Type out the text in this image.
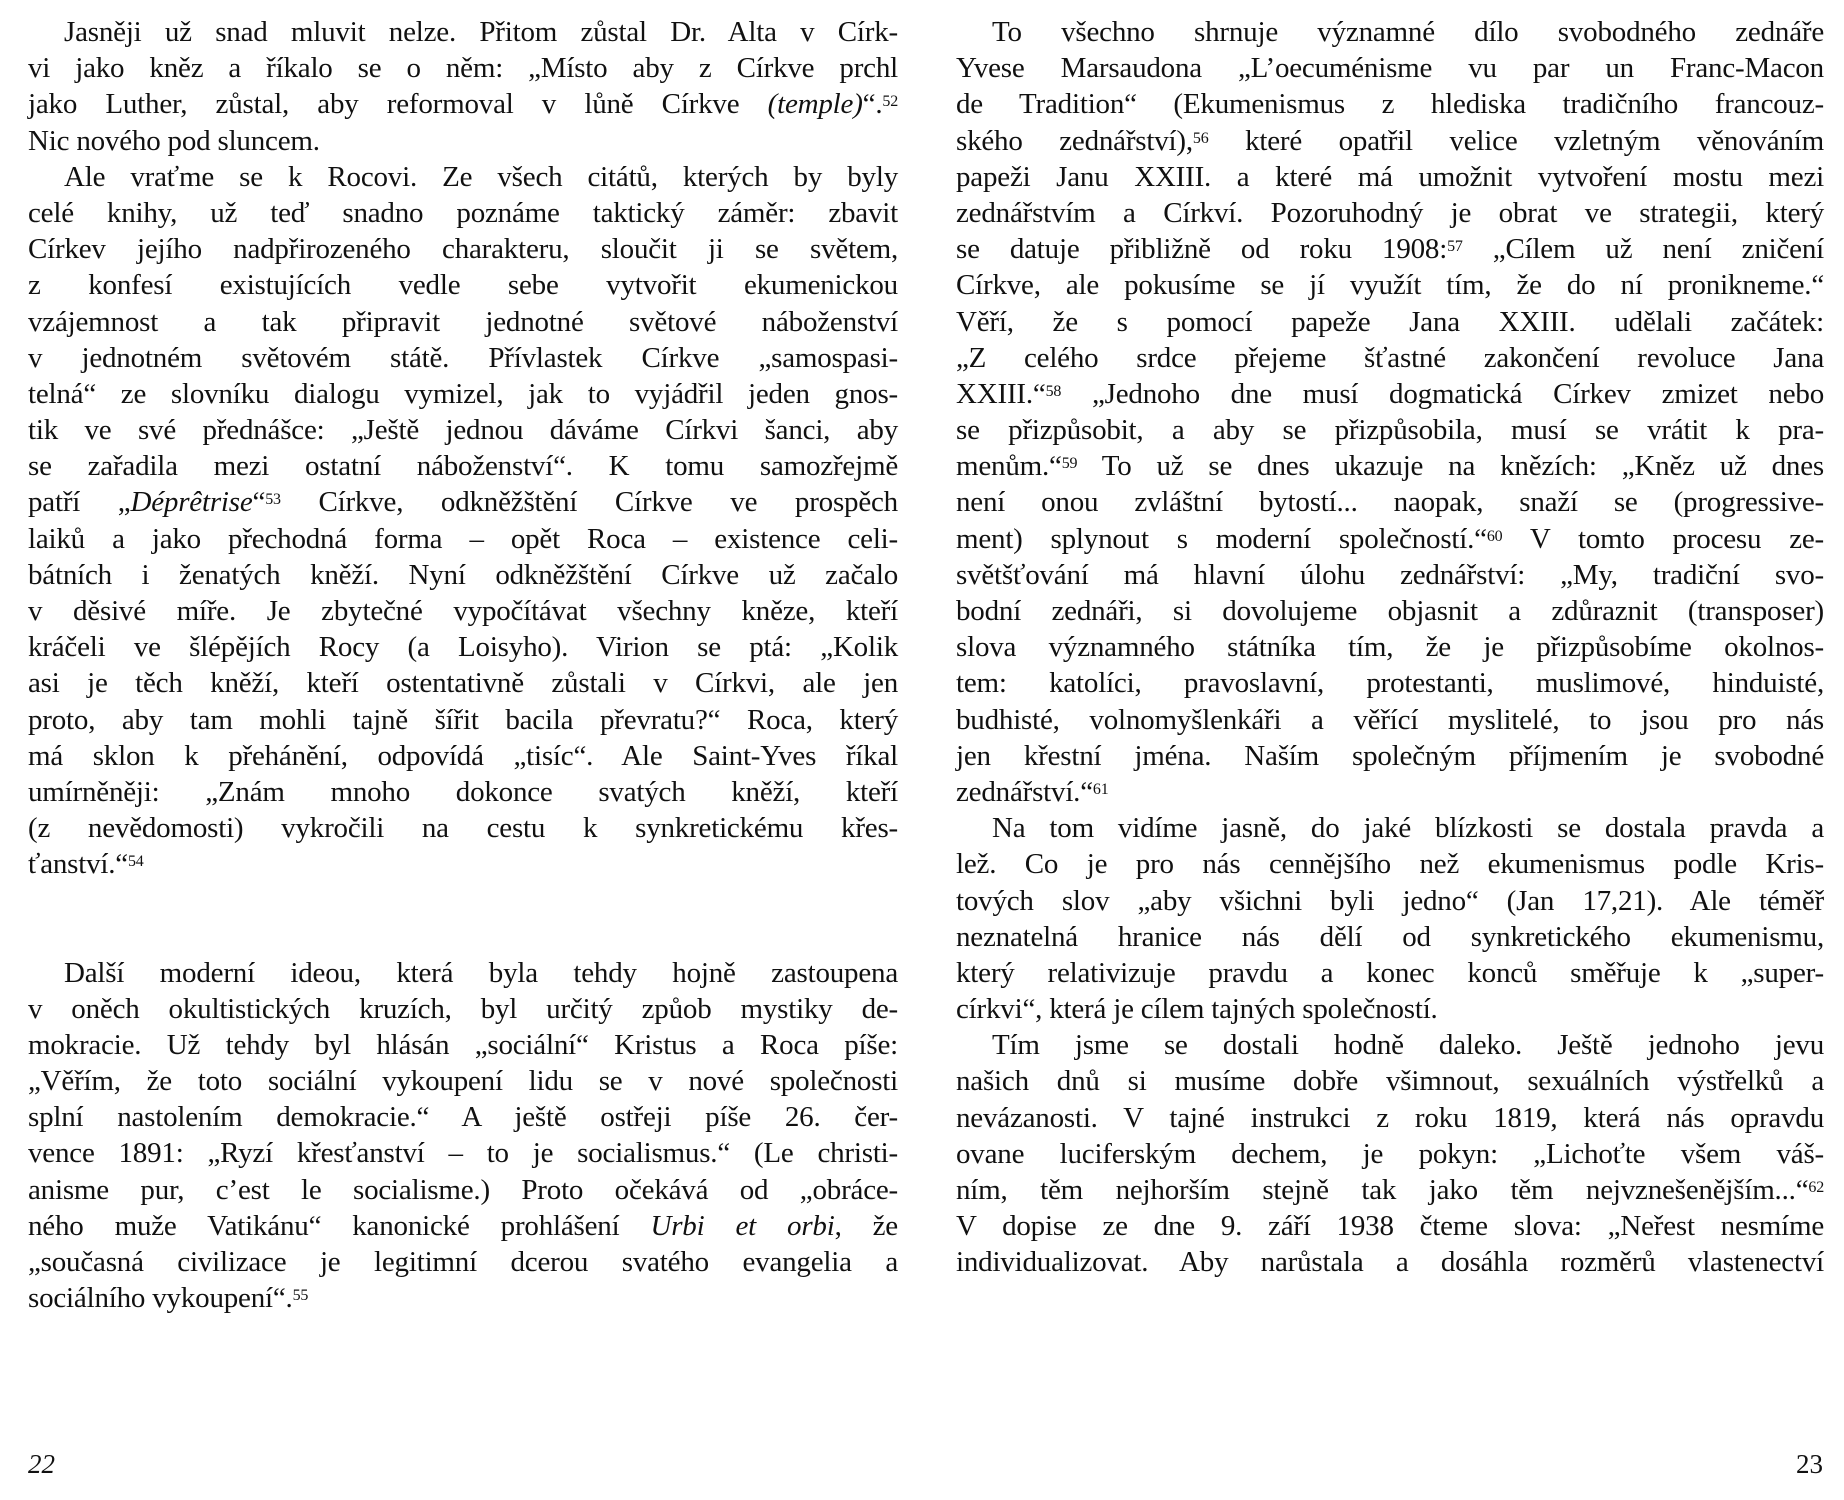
Jasněji už snad mluvit nelze. Přitom zůstal Dr. Alta v Círk-
vi jako kněz a říkalo se o něm: „Místo aby z Církve prchl
jako Luther, zůstal, aby reformoval v lůně Církve (temple)“.$^{52}$
Nic nového pod sluncem.
Ale vraťme se k Rocovi. Ze všech citátů, kterých by byly
celé knihy, už teď snadno poznáme taktický záměr: zbavit
Církev jejího nadpřirozeného charakteru, sloučit ji se světem,
z konfesí existujících vedle sebe vytvořit ekumenickou
vzájemnost a tak připravit jednotné světové náboženství
v jednotném světovém státě. Přívlastek Církve „samospasi-
telná“ ze slovníku dialogu vymizel, jak to vyjádřil jeden gnos-
tik ve své přednášce: „Ještě jednou dáváme Církvi šanci, aby
se zařadila mezi ostatní náboženství“. K tomu samozřejmě
patří „Déprêtrise“$^{53}$ Církve, odkněžštění Církve ve prospěch
laiků a jako přechodná forma – opět Roca – existence celi-
bátních i ženatých kněží. Nyní odkněžštění Církve už začalo
v děsivé míře. Je zbytečné vypočítávat všechny kněze, kteří
kráčeli ve šlépějích Rocy (a Loisyho). Virion se ptá: „Kolik
asi je těch kněží, kteří ostentativně zůstali v Církvi, ale jen
proto, aby tam mohli tajně šířit bacila převratu?“ Roca, který
má sklon k přehánění, odpovídá „tisíc“. Ale Saint-Yves říkal
umírněněji: „Znám mnoho dokonce svatých kněží, kteří
(z nevědomosti) vykročili na cestu k synkretickému křes-
ťanství.“$^{54}$
Další moderní ideou, která byla tehdy hojně zastoupena
v oněch okultistických kruzích, byl určitý způob mystiky de-
mokracie. Už tehdy byl hlásán „sociální“ Kristus a Roca píše:
„Věřím, že toto sociální vykoupení lidu se v nové společnosti
splní nastolením demokracie.“ A ještě ostřeji píše 26. čer-
vence 1891: „Ryzí křesťanství – to je socialismus.“ (Le christi-
anisme pur, c’est le socialisme.) Proto očekává od „obráce-
ného muže Vatikánu“ kanonické prohlášení Urbi et orbi, že
„současná civilizace je legitimní dcerou svatého evangelia a
sociálního vykoupení“.$^{55}$
To všechno shrnuje významné dílo svobodného zednáře
Yvese Marsaudona „L’oecuménisme vu par un Franc-Macon
de Tradition“ (Ekumenismus z hlediska tradičního francouz-
ského zednářství),$^{56}$ které opatřil velice vzletným věnováním
papeži Janu XXIII. a které má umožnit vytvoření mostu mezi
zednářstvím a Církví. Pozoruhodný je obrat ve strategii, který
se datuje přibližně od roku 1908:$^{57}$ „Cílem už není zničení
Církve, ale pokusíme se jí využít tím, že do ní pronikneme.“
Věří, že s pomocí papeže Jana XXIII. udělali začátek:
„Z celého srdce přejeme šťastné zakončení revoluce Jana
XXIII.“$^{58}$ „Jednoho dne musí dogmatická Církev zmizet nebo
se přizpůsobit, a aby se přizpůsobila, musí se vrátit k pra-
menům.“$^{59}$ To už se dnes ukazuje na knězích: „Kněz už dnes
není onou zvláštní bytostí... naopak, snaží se (progressive-
ment) splynout s moderní společností.“$^{60}$ V tomto procesu ze-
světšťování má hlavní úlohu zednářství: „My, tradiční svo-
bodní zednáři, si dovolujeme objasnit a zdůraznit (transposer)
slova významného státníka tím, že je přizpůsobíme okolnos-
tem: katolíci, pravoslavní, protestanti, muslimové, hinduisté,
budhisté, volnomyšlenkáři a věřící myslitelé, to jsou pro nás
jen křestní jména. Naším společným příjmením je svobodné
zednářství.“$^{61}$
Na tom vidíme jasně, do jaké blízkosti se dostala pravda a
lež. Co je pro nás cennějšího než ekumenismus podle Kris-
tových slov „aby všichni byli jedno“ (Jan 17,21). Ale téměř
neznatelná hranice nás dělí od synkretického ekumenismu,
který relativizuje pravdu a konec konců směřuje k „super-
církvi“, která je cílem tajných společností.
Tím jsme se dostali hodně daleko. Ještě jednoho jevu
našich dnů si musíme dobře všimnout, sexuálních výstřelků a
nevázanosti. V tajné instrukci z roku 1819, která nás opravdu
ovane luciferským dechem, je pokyn: „Lichoťte všem váš-
ním, těm nejhorším stejně tak jako těm nejvznešenějším...“$^{62}$
V dopise ze dne 9. září 1938 čteme slova: „Neřest nesmíme
individualizovat. Aby narůstala a dosáhla rozměrů vlastenectví
22	23
